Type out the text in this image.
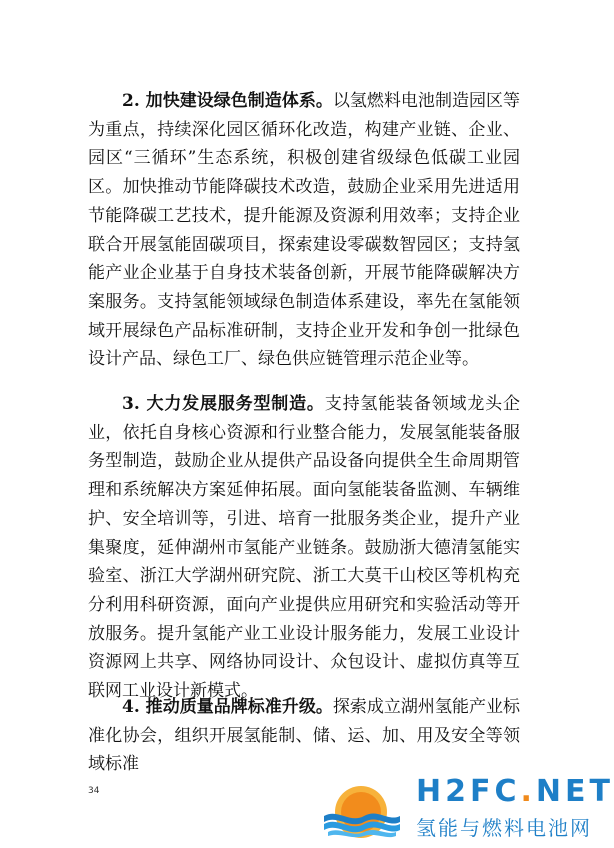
2. 加快建设绿色制造体系。以氢燃料电池制造园区等为重点，持续深化园区循环化改造，构建产业链、企业、园区“三循环”生态系统，积极创建省级绿色低碳工业园区。加快推动节能降碳技术改造，鼓励企业采用先进适用节能降碳工艺技术，提升能源及资源利用效率；支持企业联合开展氢能固碳项目，探索建设零碳数智园区；支持氢能产业企业基于自身技术装备创新，开展节能降碳解决方案服务。支持氢能领域绿色制造体系建设，率先在氢能领域开展绿色产品标准研制，支持企业开发和争创一批绿色设计产品、绿色工厂、绿色供应链管理示范企业等。

3. 大力发展服务型制造。支持氢能装备领域龙头企业，依托自身核心资源和行业整合能力，发展氢能装备服务型制造，鼓励企业从提供产品设备向提供全生命周期管理和系统解决方案延伸拓展。面向氢能装备监测、车辆维护、安全培训等，引进、培育一批服务类企业，提升产业集聚度，延伸湖州市氢能产业链条。鼓励浙大德清氢能实验室、浙江大学湖州研究院、浙工大莫干山校区等机构充分利用科研资源，面向产业提供应用研究和实验活动等开放服务。提升氢能产业工业设计服务能力，发展工业设计资源网上共享、网络协同设计、众包设计、虚拟仿真等互联网工业设计新模式。

4. 推动质量品牌标准升级。探索成立湖州氢能产业标准化协会，组织开展氢能制、储、运、加、用及安全等领域标准

34	H2FC.NET
氢能与燃料电池网
